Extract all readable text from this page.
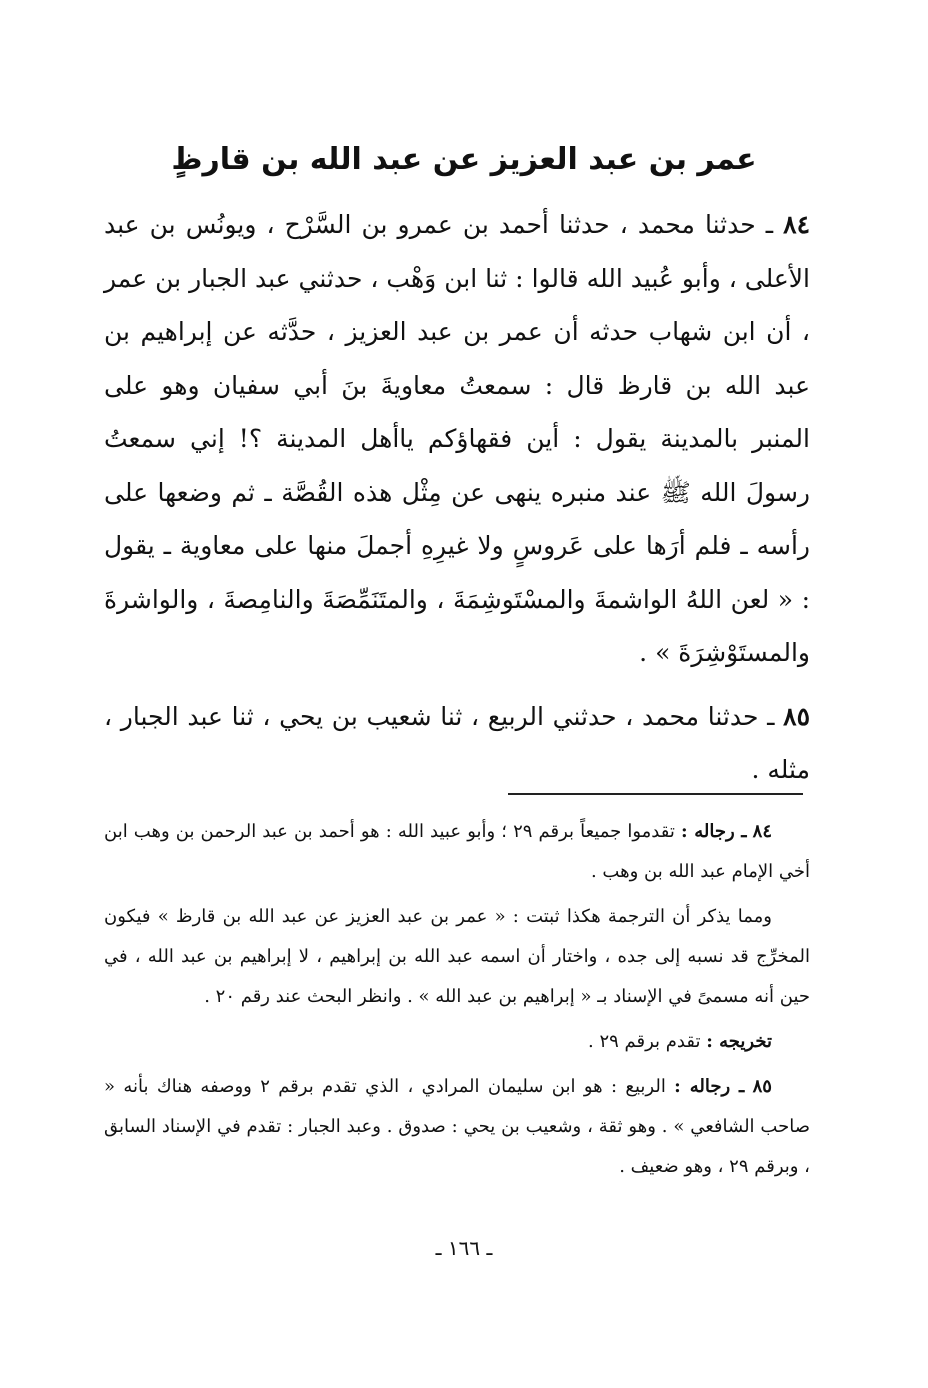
عمر بن عبد العزيز عن عبد الله بن قارظٍ

٨٤ ـ حدثنا محمد ، حدثنا أحمد بن عمرو بن السَّرْح ، ويونُس بن عبد الأعلى ، وأبو عُبيد الله قالوا : ثنا ابن وَهْب ، حدثني عبد الجبار بن عمر ، أن ابن شهاب حدثه أن عمر بن عبد العزيز ، حدَّثه عن إبراهيم بن عبد الله بن قارظ قال : سمعتُ معاويةَ بنَ أبي سفيان وهو على المنبر بالمدينة يقول : أين فقهاؤكم ياأهل المدينة ؟! إني سمعتُ رسولَ الله ﷺ عند منبره ينهى عن مِثْل هذه القُصَّة ـ ثم وضعها على رأسه ـ فلم أرَها على عَروسٍ ولا غيرِهِ أجملَ منها على معاوية ـ يقول : « لعن اللهُ الواشمةَ والمسْتَوشِمَةَ ، والمتَنَمِّصَةَ والنامِصةَ ، والواشرةَ والمستَوْشِرَةَ » .

٨٥ ـ حدثنا محمد ، حدثني الربيع ، ثنا شعيب بن يحي ، ثنا عبد الجبار ، مثله .

٨٤ ـ رجاله : تقدموا جميعاً برقم ٢٩ ؛ وأبو عبيد الله : هو أحمد بن عبد الرحمن بن وهب ابن أخي الإمام عبد الله بن وهب .

ومما يذكر أن الترجمة هكذا ثبتت : « عمر بن عبد العزيز عن عبد الله بن قارظ » فيكون المخرِّج قد نسبه إلى جده ، واختار أن اسمه عبد الله بن إبراهيم ، لا إبراهيم بن عبد الله ، في حين أنه مسمىً في الإسناد بـ « إبراهيم بن عبد الله » . وانظر البحث عند رقم ٢٠ .

تخريجه : تقدم برقم ٢٩ .

٨٥ ـ رجاله : الربيع : هو ابن سليمان المرادي ، الذي تقدم برقم ٢ ووصفه هناك بأنه « صاحب الشافعي » . وهو ثقة ، وشعيب بن يحي : صدوق . وعبد الجبار : تقدم في الإسناد السابق ، وبرقم ٢٩ ، وهو ضعيف .

ـ ١٦٦ ـ
